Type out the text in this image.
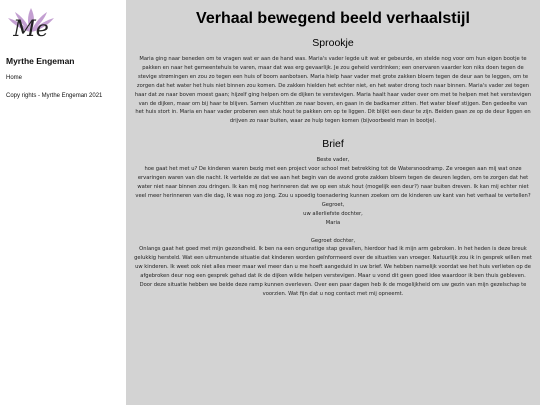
Me
Myrthe Engeman
Home
Copy rights - Myrthe Engeman 2021
Verhaal bewegend beeld verhaalstijl
Sprookje

Maria ging naar beneden om te vragen wat er aan de hand was. Maria's vader legde uit wat er gebeurde, en stelde nog voor om hun eigen bootje te pakken en naar het gemeentehuis te varen, maar dat was erg gevaarlijk. Je zou geheid verdrinken; een onervaren vaarder kon niks doen tegen de stevige strømingen en zou zo tegen een huis of boom aanbotsen. Maria hielp haar vader met grote zakken bloem tegen de deur aan te leggen, om te zorgen dat het water het huis niet binnen zou komen. De zakken hielden het echter niet, en het water drong toch naar binnen. Maria's vader zei tegen haar dat ze naar boven moest gaan; hijzelf ging helpen om de dijken te verstevigen. Maria haalt haar vader over om met te helpen met het verstevigen van de dijken, maar om bij haar te blijven. Samen vluchtten ze naar boven, en gaan in de badkamer zitten. Het water bleef stijgen. Een gedeelte van het huis stort in. Maria en haar vader proberen een stuk hout te pakken om op te liggen. Dit blijkt een deur te zijn. Beiden gaan ze op de deur liggen en drijven zo naar buiten, waar ze hulp tegen komen (bijvoorbeeld man in bootje).

Brief

Beste vader,
hoe gaat het met u? De kinderen waren bezig met een project voor school met betrekking tot de Watersnoodramp. Ze vroegen aan mij wat onze ervaringen waren van die nacht. Ik vertelde ze dat we aan het begin van de avond grote zakken bloem tegen de deuren legden, om te zorgen dat het water niet naar binnen zou dringen. Ik kan mij nog herinneren dat we op een stuk hout (mogelijk een deur?) naar buiten dreven. Ik kan mij echter niet veel meer herinneren van die dag, Ik was nog zo jong. Zou u spoedig toenadering kunnen zoeken om de kinderen uw kant van het verhaal te vertellen? Gegroet,
uw allerliefste dochter,
Maria

Gegroet dochter,
Onlangs gaat het goed met mijn gezondheid. Ik ben na een ongunstige stap gevallen, hierdoor had ik mijn arm gebroken. In het heden is deze breuk gelukkig hersteld. Wat een uitmuntende situatie dat kinderen worden geïnformeerd over de situaties van vroeger. Natuurlijk zou ik in gesprek willen met uw kinderen. Ik weet ook niet alles meer maar wel meer dan u me hoeft aangeduid in uw brief. We hebben namelijk voordat we het huis verlieten op de afgebroken deur nog een gesprek gehad dat ik de dijken wilde helpen verstevigen. Maar u vond dit geen goed idee waardoor ik ben thuis gebleven. Door deze situatie hebben we beide deze ramp kunnen overleven. Over een paar dagen heb ik de mogelijkheid om uw gezin van mijn gezelschap te voorzien. Wat fijn dat u nog contact met mij opneemt.
